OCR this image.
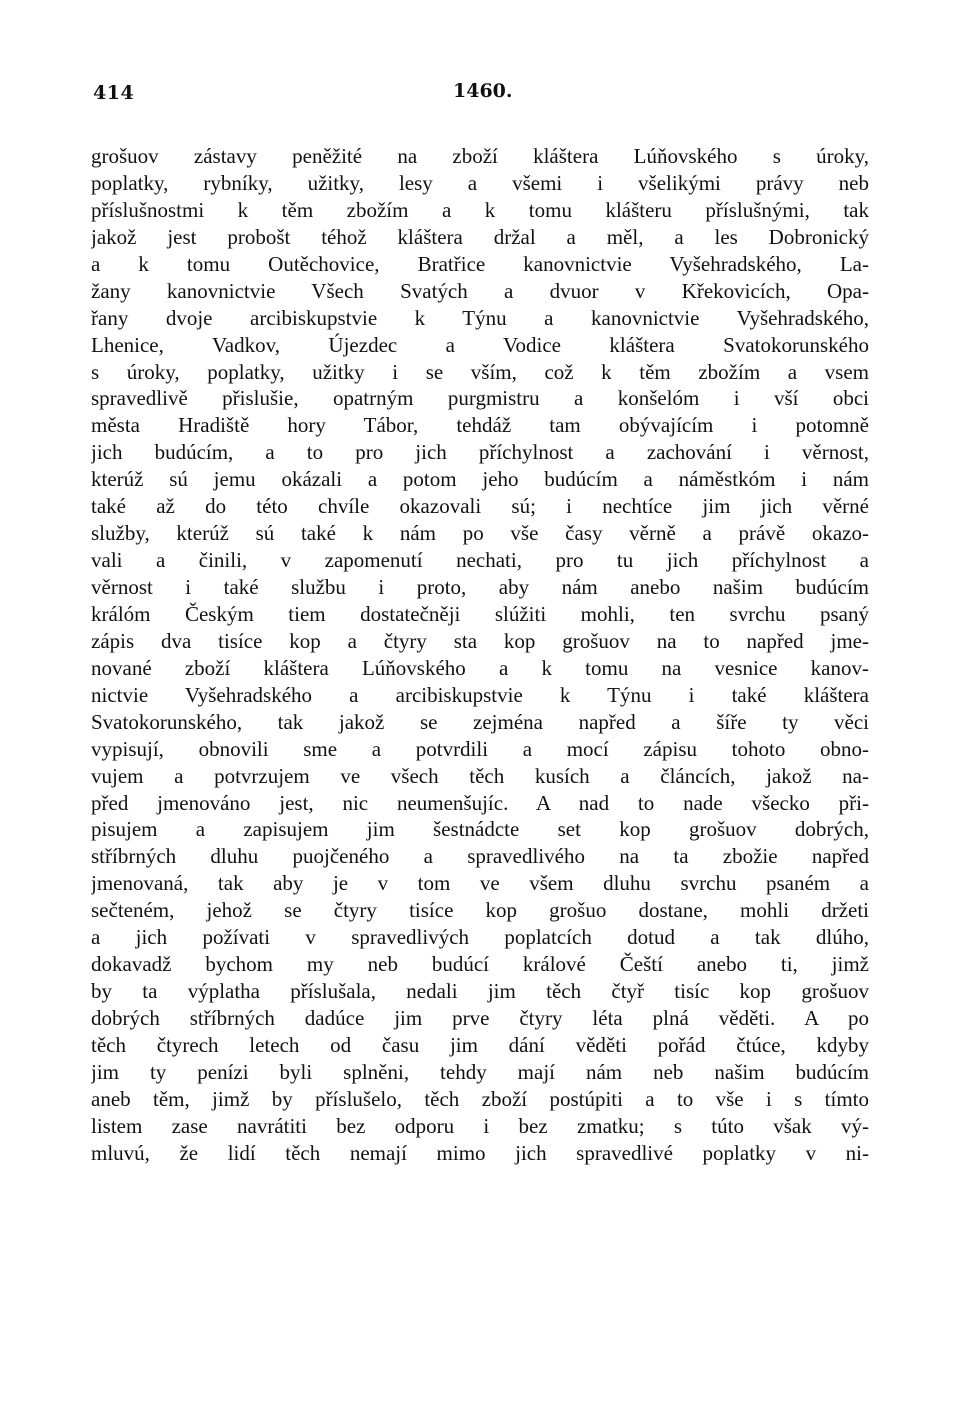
414	1460.
grošuov zástavy peněžité na zboží kláštera Lúňovského s úroky,
poplatky, rybníky, užitky, lesy a všemi i všelikými právy neb
příslušnostmi k těm zbožím a k tomu klášteru příslušnými, tak
jakož jest probošt téhož kláštera držal a měl, a les Dobronický
a k tomu Outěchovice, Bratřice kanovnictvie Vyšehradského, La-
žany kanovnictvie Všech Svatých a dvuor v Křekovicích, Opa-
řany dvoje arcibiskupstvie k Týnu a kanovnictvie Vyšehradského,
Lhenice, Vadkov, Újezdec a Vodice kláštera Svatokorunského
s úroky, poplatky, užitky i se vším, což k těm zbožím a vsem
spravedlivě přislušie, opatrným purgmistru a konšelóm i vší obci
města Hradiště hory Tábor, tehdáž tam obývajícím i potomně
jich budúcím, a to pro jich příchylnost a zachování i věrnost,
kterúž sú jemu okázali a potom jeho budúcím a náměstkóm i nám
také až do této chvíle okazovali sú; i nechtíce jim jich věrné
služby, kterúž sú také k nám po vše časy věrně a právě okazo-
vali a činili, v zapomenutí nechati, pro tu jich příchylnost a
věrnost i také službu i proto, aby nám anebo našim budúcím
králóm Českým tiem dostatečněji slúžiti mohli, ten svrchu psaný
zápis dva tisíce kop a čtyry sta kop grošuov na to napřed jme-
nované zboží kláštera Lúňovského a k tomu na vesnice kanov-
nictvie Vyšehradského a arcibiskupstvie k Týnu i také kláštera
Svatokorunského, tak jakož se zejména napřed a šíře ty věci
vypisují, obnovili sme a potvrdili a mocí zápisu tohoto obno-
vujem a potvrzujem ve všech těch kusích a článcích, jakož na-
před jmenováno jest, nic neumenšujíc. A nad to nade všecko při-
pisujem a zapisujem jim šestnádcte set kop grošuov dobrých,
stříbrných dluhu puojčeného a spravedlivého na ta zbožie napřed
jmenovaná, tak aby je v tom ve všem dluhu svrchu psaném a
sečteném, jehož se čtyry tisíce kop grošuo dostane, mohli držeti
a jich požívati v spravedlivých poplatcích dotud a tak dlúho,
dokavadž bychom my neb budúcí králové Čeští anebo ti, jimž
by ta výplatha příslušala, nedali jim těch čtyř tisíc kop grošuov
dobrých stříbrných dadúce jim prve čtyry léta plná věděti. A po
těch čtyrech letech od času jim dání věděti pořád čtúce, kdyby
jim ty penízi byli splněni, tehdy mají nám neb našim budúcím
aneb těm, jimž by příslušelo, těch zboží postúpiti a to vše i s tímto
listem zase navrátiti bez odporu i bez zmatku; s túto však vý-
mluvú, že lidí těch nemají mimo jich spravedlivé poplatky v ni-
